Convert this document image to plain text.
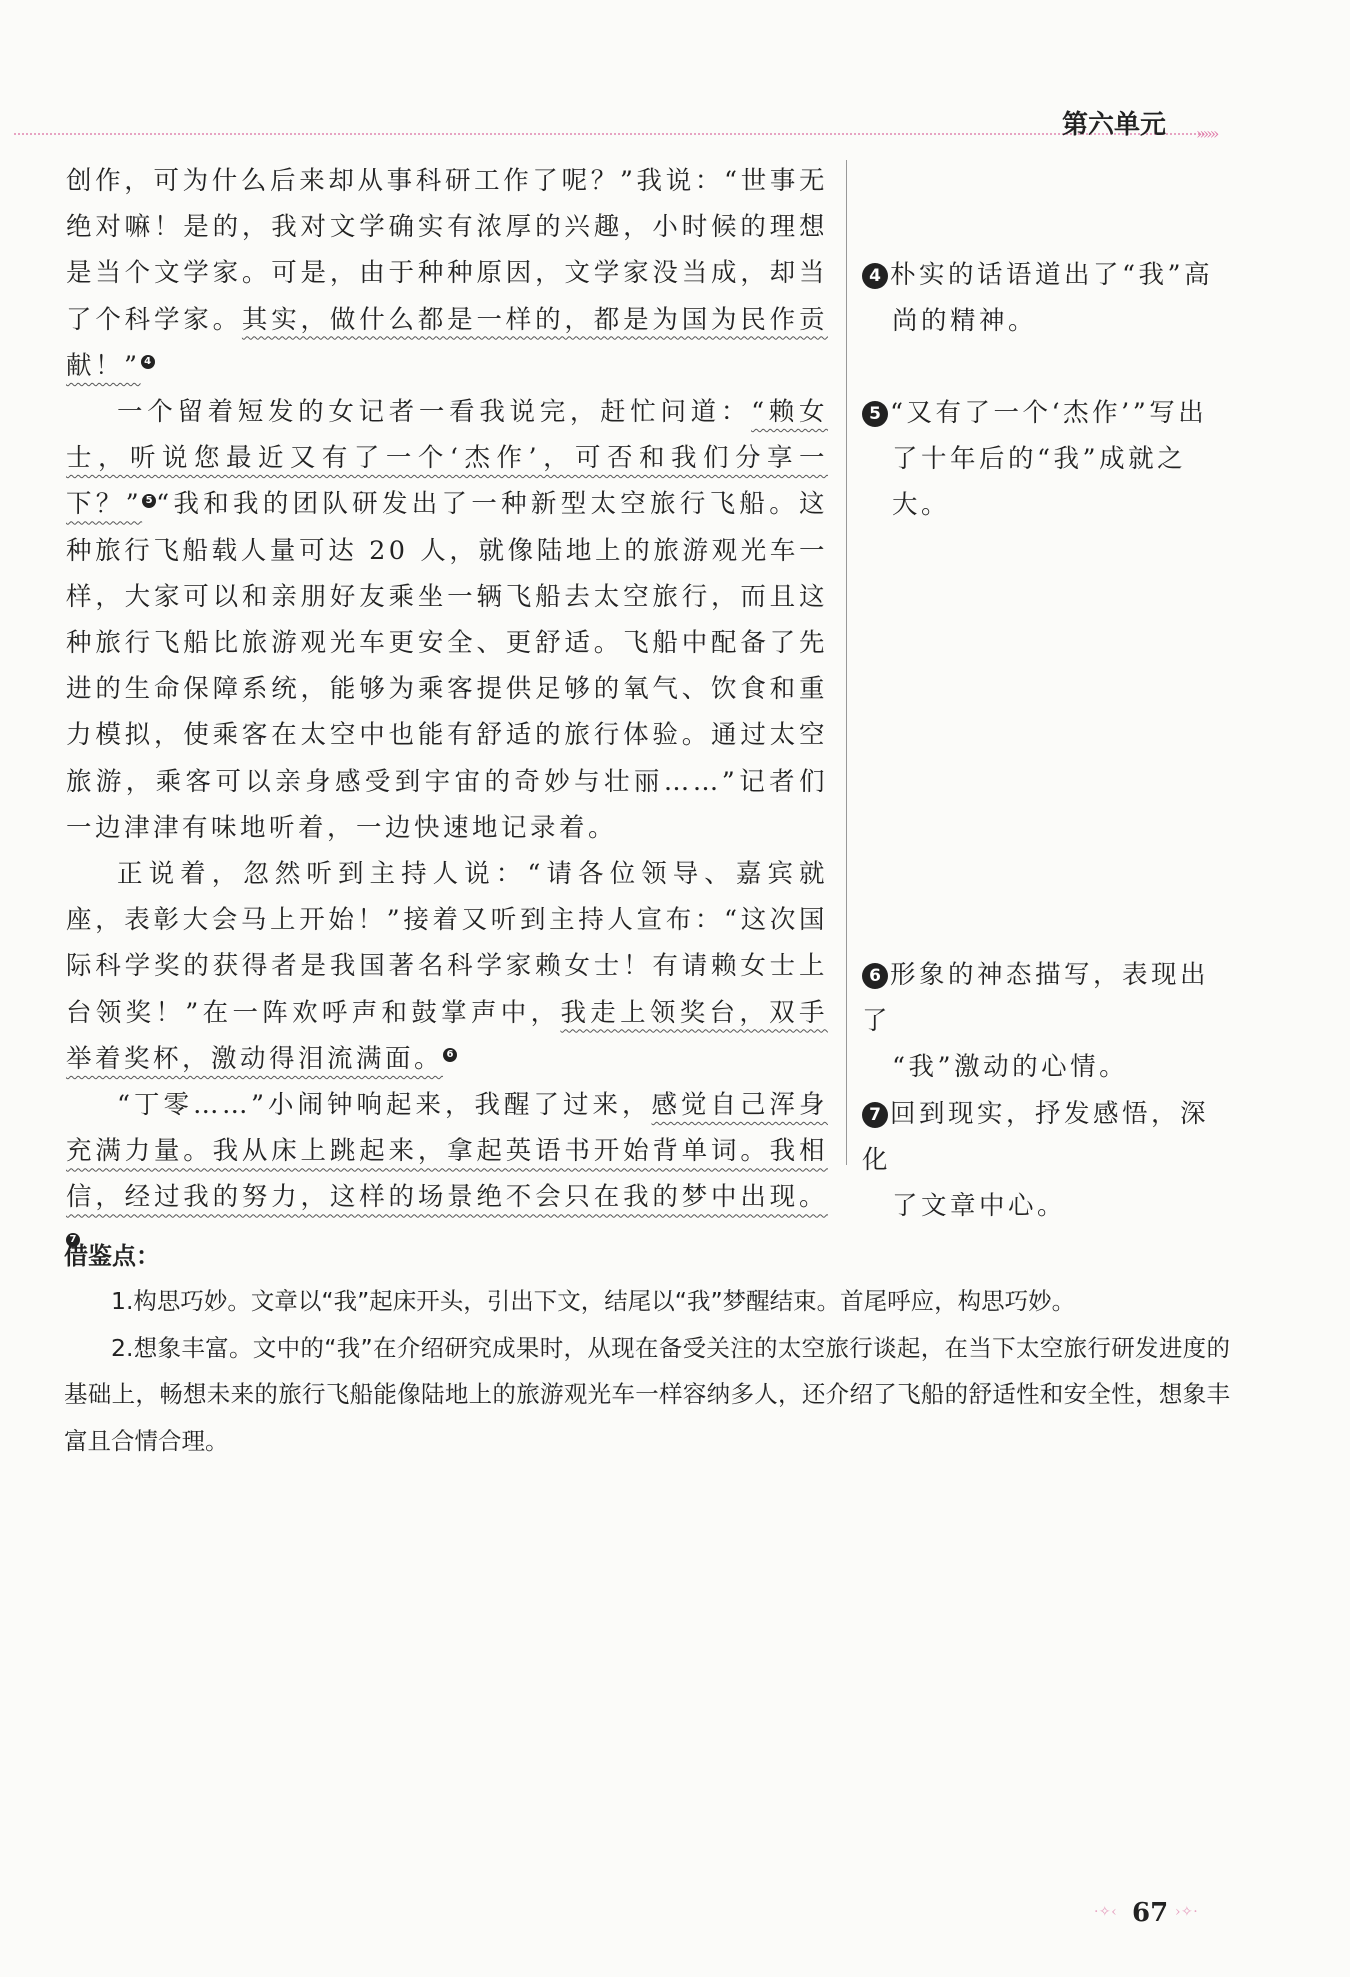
»»»
第六单元

创作，可为什么后来却从事科研工作了呢？”我说：“世事无绝对嘛！是的，我对文学确实有浓厚的兴趣，小时候的理想是当个文学家。可是，由于种种原因，文学家没当成，却当了个科学家。其实，做什么都是一样的，都是为国为民作贡献！” 4

一个留着短发的女记者一看我说完，赶忙问道：“赖女士，听说您最近又有了一个‘杰作’，可否和我们分享一下？” 5 “我和我的团队研发出了一种新型太空旅行飞船。这种旅行飞船载人量可达 20 人，就像陆地上的旅游观光车一样，大家可以和亲朋好友乘坐一辆飞船去太空旅行，而且这种旅行飞船比旅游观光车更安全、更舒适。飞船中配备了先进的生命保障系统，能够为乘客提供足够的氧气、饮食和重力模拟，使乘客在太空中也能有舒适的旅行体验。通过太空旅游，乘客可以亲身感受到宇宙的奇妙与壮丽……”记者们一边津津有味地听着，一边快速地记录着。

正说着，忽然听到主持人说：“请各位领导、嘉宾就座，表彰大会马上开始！”接着又听到主持人宣布：“这次国际科学奖的获得者是我国著名科学家赖女士！有请赖女士上台领奖！”在一阵欢呼声和鼓掌声中，我走上领奖台，双手举着奖杯，激动得泪流满面。 6

“丁零……”小闹钟响起来，我醒了过来，感觉自己浑身充满力量。我从床上跳起来，拿起英语书开始背单词。我相信，经过我的努力，这样的场景绝不会只在我的梦中出现。7

4 朴实的话语道出了“我”高
尚的精神。
5 “又有了一个‘杰作’”写出
了十年后的“我”成就之大。
6 形象的神态描写，表现出了
“我”激动的心情。
7 回到现实，抒发感悟，深化
了文章中心。
借鉴点：

1.构思巧妙。文章以“我”起床开头，引出下文，结尾以“我”梦醒结束。首尾呼应，构思巧妙。

2.想象丰富。文中的“我”在介绍研究成果时，从现在备受关注的太空旅行谈起，在当下太空旅行研发进度的基础上，畅想未来的旅行飞船能像陆地上的旅游观光车一样容纳多人，还介绍了飞船的舒适性和安全性，想象丰富且合情合理。

· ✧ ‹ 67 › ✧ ·
